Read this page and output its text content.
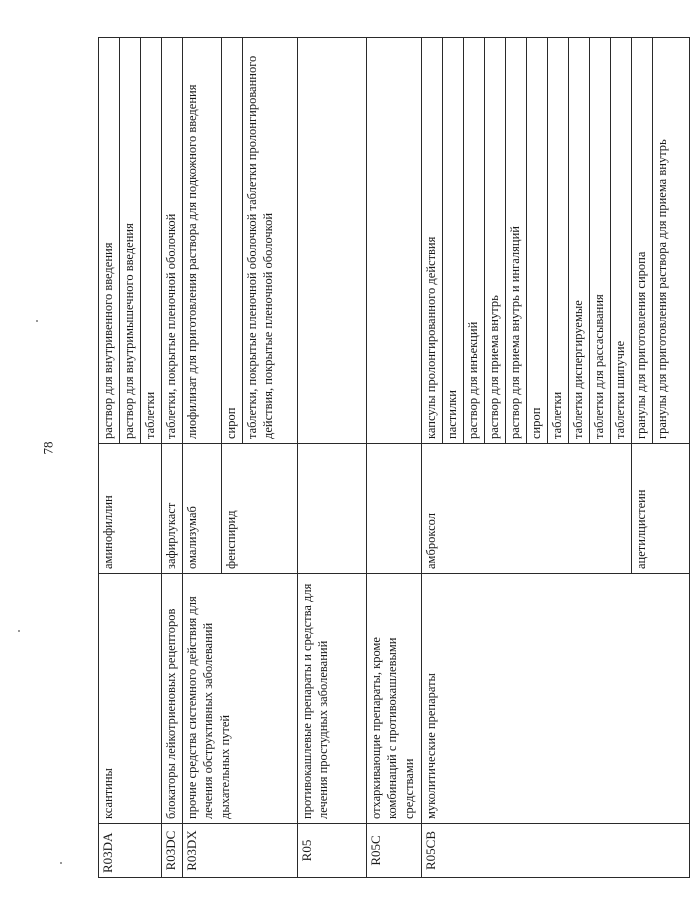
78
R03DA	ксантины	аминофиллин	раствор для внутривенного введения
			раствор для внутримышечного введения
			таблетки
R03DC	блокаторы лейкотриеновых рецепторов	зафирлукаст	таблетки, покрытые пленочной оболочкой
R03DX	прочие средства системного действия для лечения обструктивных заболеваний дыхательных путей	омализумаб	лиофилизат для приготовления раствора для подкожного введения
		фенспирид	сироп
			таблетки, покрытые пленочной оболочкой таблетки пролонгированного действия, покрытые пленочной оболочкой
R05	противокашлевые препараты и средства для лечения простудных заболеваний		
R05C	отхаркивающие препараты, кроме комбинаций с противокашлевыми средствами		
R05CB	муколитические препараты	амброксол	капсулы пролонгированного действия
			пастилки
			раствор для инъекций
			раствор для приема внутрь
			раствор для приема внутрь и ингаляций
			сироп
			таблетки
			таблетки диспергируемые
			таблетки для рассасывания
			таблетки шипучие
		ацетилцистеин	гранулы для приготовления сиропа
			гранулы для приготовления раствора для приема внутрь
